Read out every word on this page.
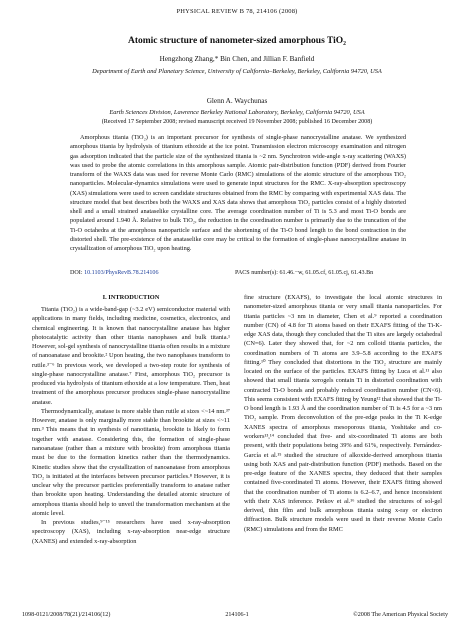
PHYSICAL REVIEW B 78, 214106 (2008)
Atomic structure of nanometer-sized amorphous TiO₂
Hengzhong Zhang,* Bin Chen, and Jillian F. Banfield
Department of Earth and Planetary Science, University of California–Berkeley, Berkeley, California 94720, USA
Glenn A. Waychunas
Earth Sciences Division, Lawrence Berkeley National Laboratory, Berkeley, California 94720, USA
(Received 17 September 2008; revised manuscript received 19 November 2008; published 16 December 2008)

Amorphous titania (TiO₂) is an important precursor for synthesis of single-phase nanocrystalline anatase. We synthesized amorphous titania by hydrolysis of titanium ethoxide at the ice point. Transmission electron microscopy examination and nitrogen gas adsorption indicated that the particle size of the synthesized titania is ~2 nm. Synchrotron wide-angle x-ray scattering (WAXS) was used to probe the atomic correlations in this amorphous sample. Atomic pair-distribution function (PDF) derived from Fourier transform of the WAXS data was used for reverse Monte Carlo (RMC) simulations of the atomic structure of the amorphous TiO₂ nanoparticles. Molecular-dynamics simulations were used to generate input structures for the RMC. X-ray-absorption spectroscopy (XAS) simulations were used to screen candidate structures obtained from the RMC by comparing with experimental XAS data. The structure model that best describes both the WAXS and XAS data shows that amorphous TiO₂ particles consist of a highly distorted shell and a small strained anataselike crystalline core. The average coordination number of Ti is 5.3 and most Ti-O bonds are populated around 1.940 Å. Relative to bulk TiO₂, the reduction in the coordination number is primarily due to the truncation of the Ti-O octahedra at the amorphous nanoparticle surface and the shortening of the Ti-O bond length to the bond contraction in the distorted shell. The pre-existence of the anataselike core may be critical to the formation of single-phase nanocrystalline anatase in crystallization of amorphous TiO₂ upon heating.

DOI: 10.1103/PhysRevB.78.214106	PACS number(s): 61.46.−w, 61.05.cf, 61.05.cj, 61.43.Bn
I. INTRODUCTION

Titania (TiO₂) is a wide-band-gap (~3.2 eV) semiconductor material with applications in many fields, including medicine, cosmetics, electronics, and chemical engineering. It is known that nanocrystalline anatase has higher photocatalytic activity than other titania nanophases and bulk titania.¹ However, sol-gel synthesis of nanocrystalline titania often results in a mixture of nanoanatase and brookite.² Upon heating, the two nanophases transform to rutile.³⁻⁶ In previous work, we developed a two-step route for synthesis of single-phase nanocrystalline anatase.⁷ First, amorphous TiO₂ precursor is produced via hydrolysis of titanium ethoxide at a low temperature. Then, heat treatment of the amorphous precursor produces single-phase nanocrystalline anatase.

Thermodynamically, anatase is more stable than rutile at sizes <~14 nm.³⁷ However, anatase is only marginally more stable than brookite at sizes <~11 nm.³ This means that in synthesis of nanotitania, brookite is likely to form together with anatase. Considering this, the formation of single-phase nanoanatase (rather than a mixture with brookite) from amorphous titania must be due to the formation kinetics rather than the thermodynamics. Kinetic studies show that the crystallization of nanoanatase from amorphous TiO₂ is initiated at the interfaces between precursor particles.⁸ However, it is unclear why the precursor particles preferentially transform to anatase rather than brookite upon heating. Understanding the detailed atomic structure of amorphous titania should help to unveil the transformation mechanism at the atomic level.

In previous studies,⁹⁻¹⁵ researchers have used x-ray-absorption spectroscopy (XAS), including x-ray-absorption near-edge structure (XANES) and extended x-ray-absorption

fine structure (EXAFS), to investigate the local atomic structures in nanometer-sized amorphous titania or very small titania nanoparticles. For titania particles ~3 nm in diameter, Chen et al.⁹ reported a coordination number (CN) of 4.8 for Ti atoms based on their EXAFS fitting of the Ti-K-edge XAS data, though they concluded that the Ti sites are largely octahedral (CN=6). Later they showed that, for ~2 nm colloid titania particles, the coordination numbers of Ti atoms are 3.9–5.8 according to the EXAFS fitting.¹⁰ They concluded that distortions in the TiO₂ structure are mainly located on the surface of the particles. EXAFS fitting by Luca et al.¹¹ also showed that small titania xerogels contain Ti in distorted coordination with contracted Ti-O bonds and probably reduced coordination number (CN<6). This seems consistent with EXAFS fitting by Yeung¹² that showed that the Ti-O bond length is 1.93 Å and the coordination number of Ti is 4.5 for a ~3 nm TiO₂ sample. From deconvolution of the pre-edge peaks in the Ti K-edge XANES spectra of amorphous mesoporous titania, Yoshitake and co-workers¹³,¹⁴ concluded that five- and six-coordinated Ti atoms are both present, with their populations being 39% and 61%, respectively. Fernández-García et al.¹⁵ studied the structure of alkoxide-derived amorphous titania using both XAS and pair-distribution function (PDF) methods. Based on the pre-edge feature of the XANES spectra, they deduced that their samples contained five-coordinated Ti atoms. However, their EXAFS fitting showed that the coordination number of Ti atoms is 6.2–6.7, and hence inconsistent with their XAS inference. Petkov et al.¹⁶ studied the structures of sol-gel derived, thin film and bulk amorphous titania using x-ray or electron diffraction. Bulk structure models were used in their reverse Monte Carlo (RMC) simulations and from the RMC

1098-0121/2008/78(21)/214106(12)	214106-1	©2008 The American Physical Society
